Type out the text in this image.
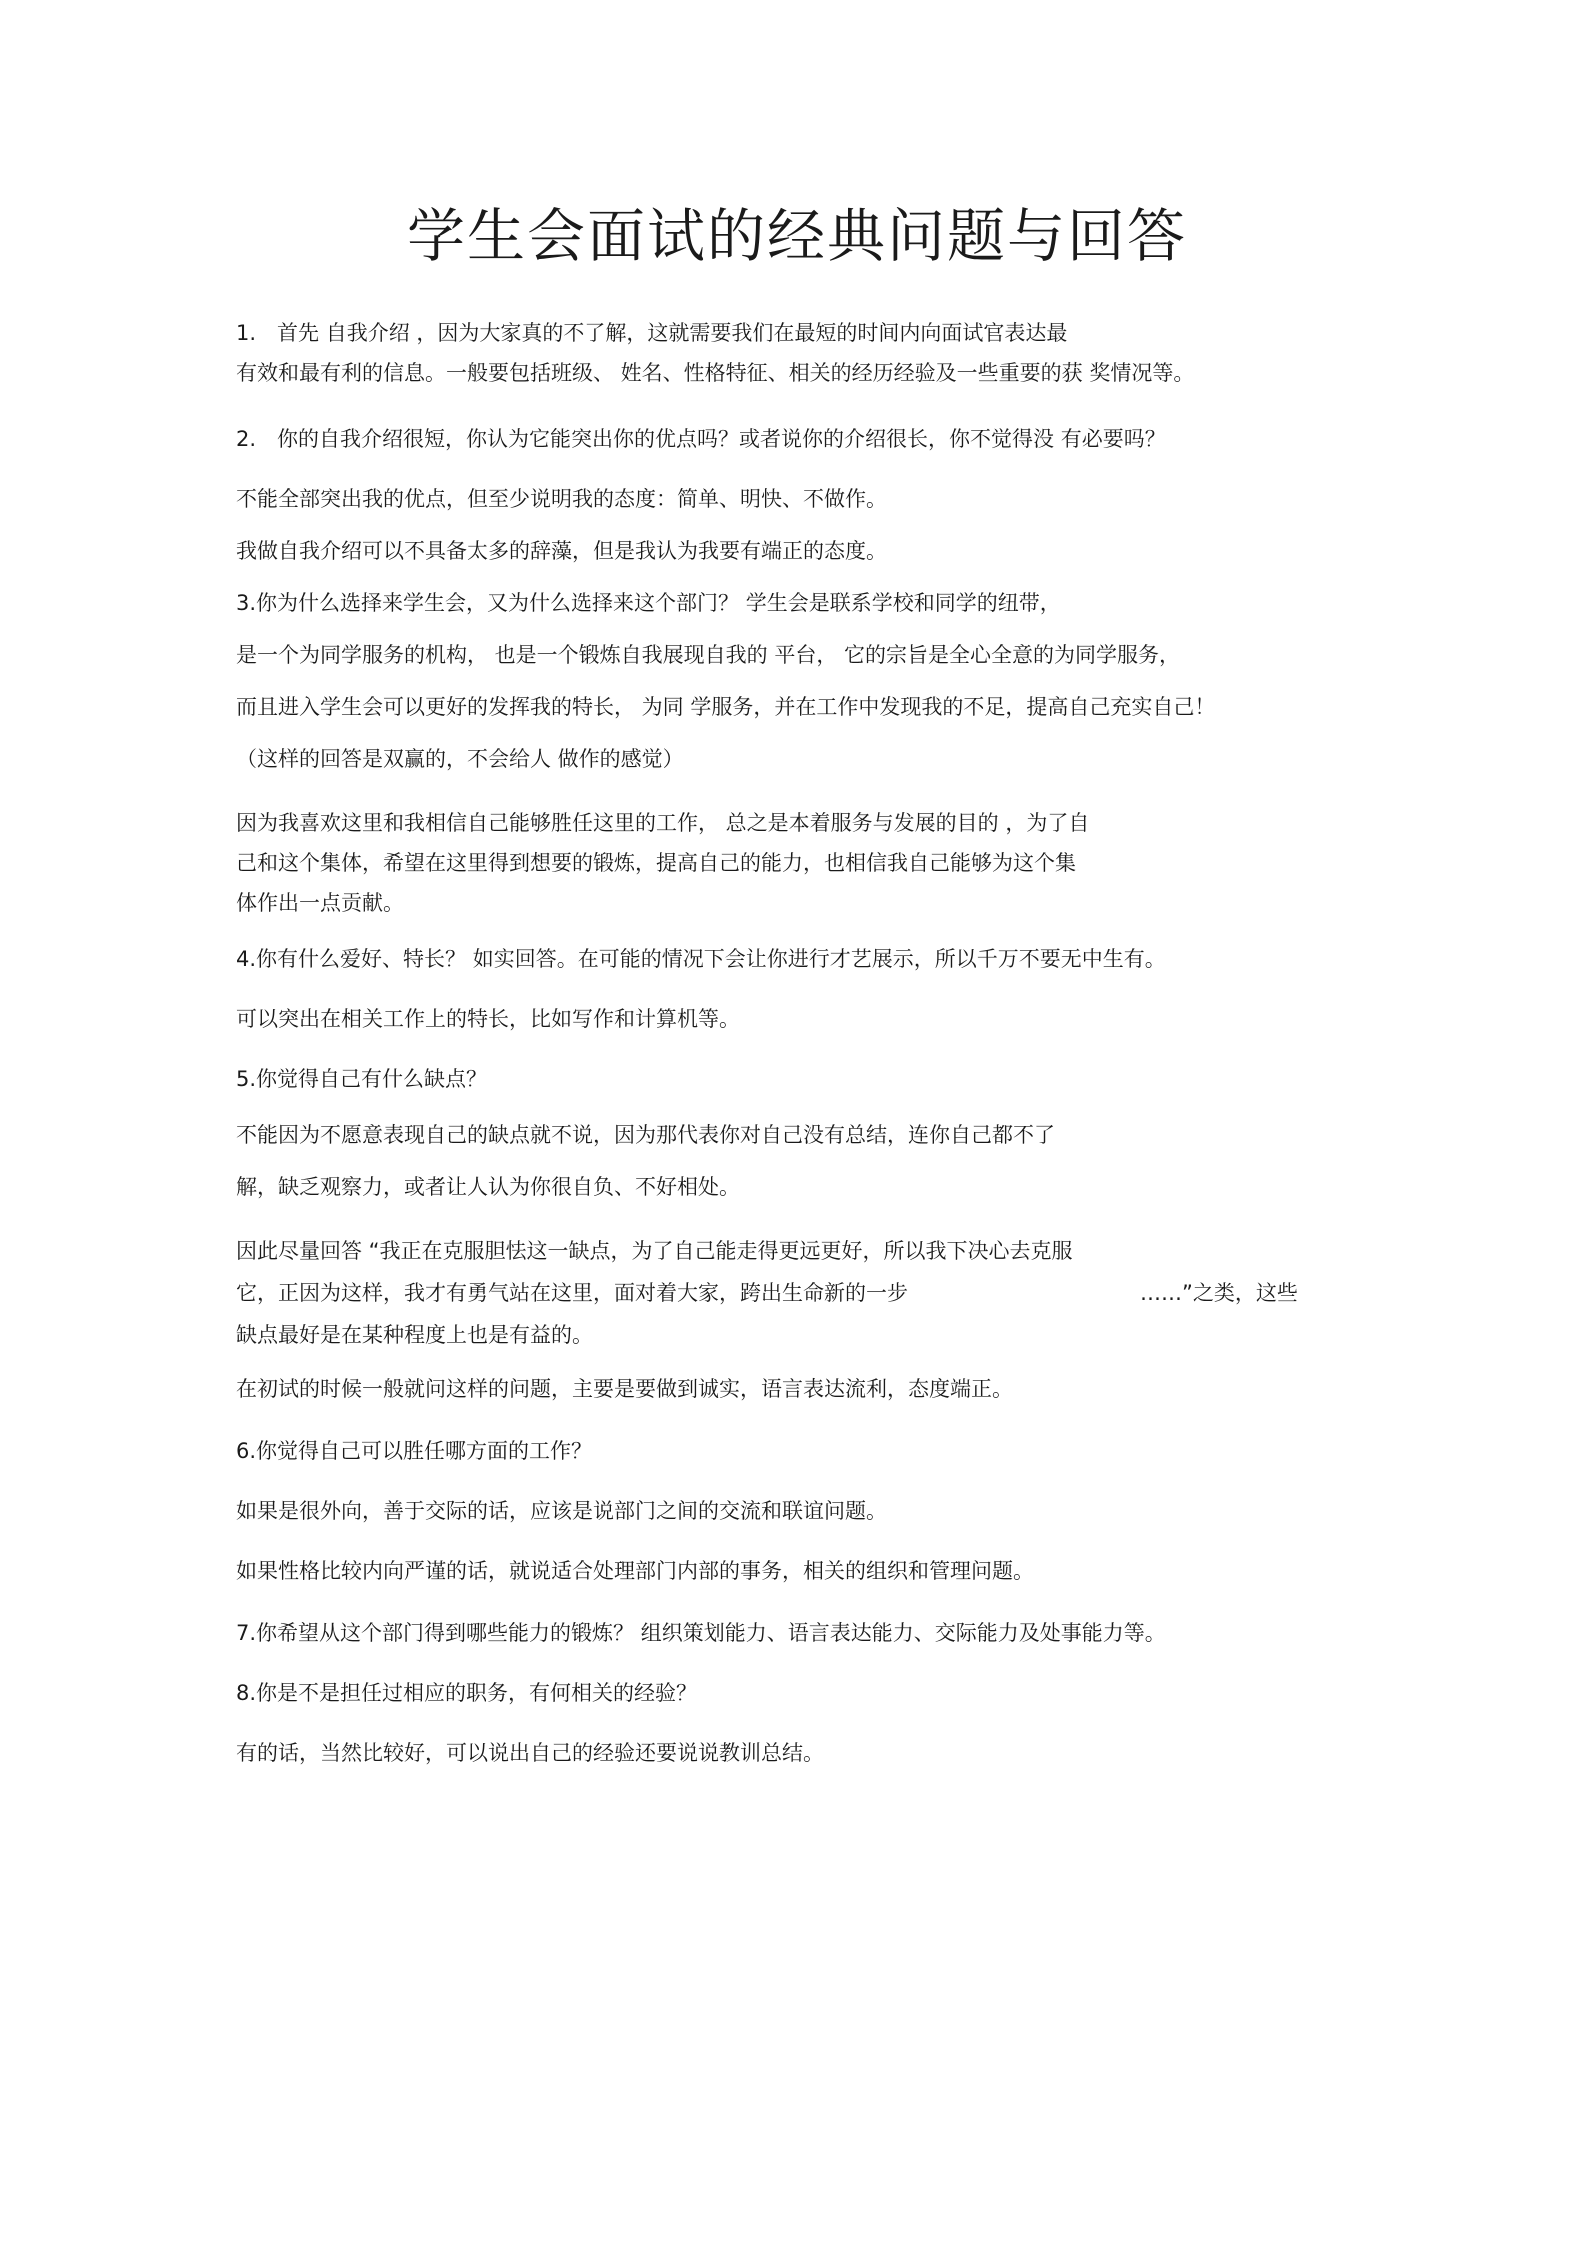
学生会面试的经典问题与回答

1.　首先 自我介绍 ，因为大家真的不了解，这就需要我们在最短的时间内向面试官表达最

有效和最有利的信息。一般要包括班级、 姓名、性格特征、相关的经历经验及一些重要的获 奖情况等。

2.　你的自我介绍很短，你认为它能突出你的优点吗？或者说你的介绍很长，你不觉得没 有必要吗？

不能全部突出我的优点，但至少说明我的态度：简单、明快、不做作。

我做自我介绍可以不具备太多的辞藻，但是我认为我要有端正的态度。

3.你为什么选择来学生会，又为什么选择来这个部门？ 学生会是联系学校和同学的纽带，

是一个为同学服务的机构， 也是一个锻炼自我展现自我的 平台， 它的宗旨是全心全意的为同学服务，

而且进入学生会可以更好的发挥我的特长， 为同 学服务，并在工作中发现我的不足，提高自己充实自己！

（这样的回答是双赢的，不会给人 做作的感觉）

因为我喜欢这里和我相信自己能够胜任这里的工作， 总之是本着服务与发展的目的 ，为了自

己和这个集体，希望在这里得到想要的锻炼，提高自己的能力，也相信我自己能够为这个集

体作出一点贡献。

4.你有什么爱好、特长？ 如实回答。在可能的情况下会让你进行才艺展示，所以千万不要无中生有。

可以突出在相关工作上的特长，比如写作和计算机等。

5.你觉得自己有什么缺点？

不能因为不愿意表现自己的缺点就不说，因为那代表你对自己没有总结，连你自己都不了

解，缺乏观察力，或者让人认为你很自负、不好相处。

因此尽量回答 “我正在克服胆怯这一缺点，为了自己能走得更远更好，所以我下决心去克服

它，正因为这样，我才有勇气站在这里，面对着大家，跨出生命新的一步	……”之类，这些

缺点最好是在某种程度上也是有益的。

在初试的时候一般就问这样的问题，主要是要做到诚实，语言表达流利，态度端正。

6.你觉得自己可以胜任哪方面的工作？

如果是很外向，善于交际的话，应该是说部门之间的交流和联谊问题。

如果性格比较内向严谨的话，就说适合处理部门内部的事务，相关的组织和管理问题。

7.你希望从这个部门得到哪些能力的锻炼？ 组织策划能力、语言表达能力、交际能力及处事能力等。

8.你是不是担任过相应的职务，有何相关的经验？

有的话，当然比较好，可以说出自己的经验还要说说教训总结。
